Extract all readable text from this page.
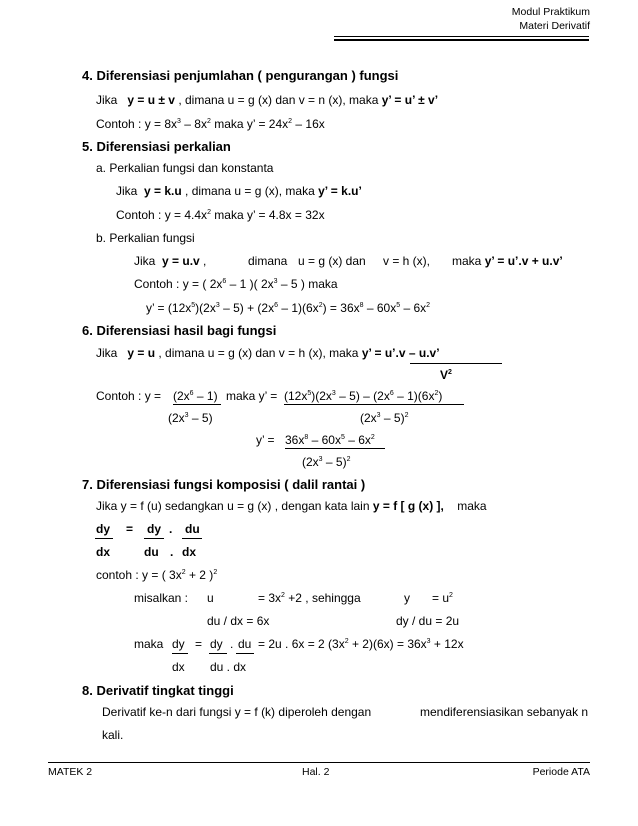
Modul Praktikum
Materi Derivatif
4. Diferensiasi penjumlahan ( pengurangan ) fungsi
Jika y = u ± v , dimana u = g (x) dan v = n (x), maka y’ = u’ ± v’
Contoh : $y = 8x^3 - 8x^2$ maka y’ = $24x^2 - 16x$
5. Diferensiasi perkalian
a. Perkalian fungsi dan konstanta
Jika y = k.u , dimana u = g (x), maka y’ = k.u’
Contoh : $y = 4.4x^2$ maka y’ = 4.8x = 32x
b. Perkalian fungsi
Jika y = u.v ,	dimana u = g (x) dan v = h (x), maka y’ = u’.v + u.v’
Contoh : y = ( $2x^6 - 1$ )( $2x^3 - 5$ ) maka
y’ = $(12x^5)(2x^3 - 5) + (2x^6 - 1)(6x^2) = 36x^8 - 60x^5 - 6x^2$
6. Diferensiasi hasil bagi fungsi
Jika y = u , dimana u = g (x) dan v = h (x), maka y’ = u’.v – u.v’
$V^2$
Contoh : $y = (2x^6 - 1)$ maka y’ = $(12x^5)(2x^3 - 5) - (2x^6 - 1)(6x^2)$
$(2x^3 - 5)$	$(2x^3 - 5)^2$
y’ = $36x^8 - 60x^5 - 6x^2$
$(2x^3 - 5)^2$
7. Diferensiasi fungsi komposisi ( dalil rantai )
Jika y = f (u) sedangkan u = g (x) , dengan kata lain y = f [ g (x) ], maka
dy = dy . du
dx	du . dx
contoh : y = ( $3x^2 + 2$ )$^2$
misalkan : u	= $3x^2 +2$ , sehingga	$y = u^2$
du / dx = 6x	dy / du = 2u
maka dy = dy . du = 2u . 6x = 2 $(3x^2 + 2)(6x) = 36x^3 + 12x$
dx du . dx
8. Derivatif tingkat tinggi
Derivatif ke-n dari fungsi y = f (k) diperoleh dengan	mendiferensiasikan sebanyak n
kali.
MATEK 2	Hal. 2	Periode ATA
